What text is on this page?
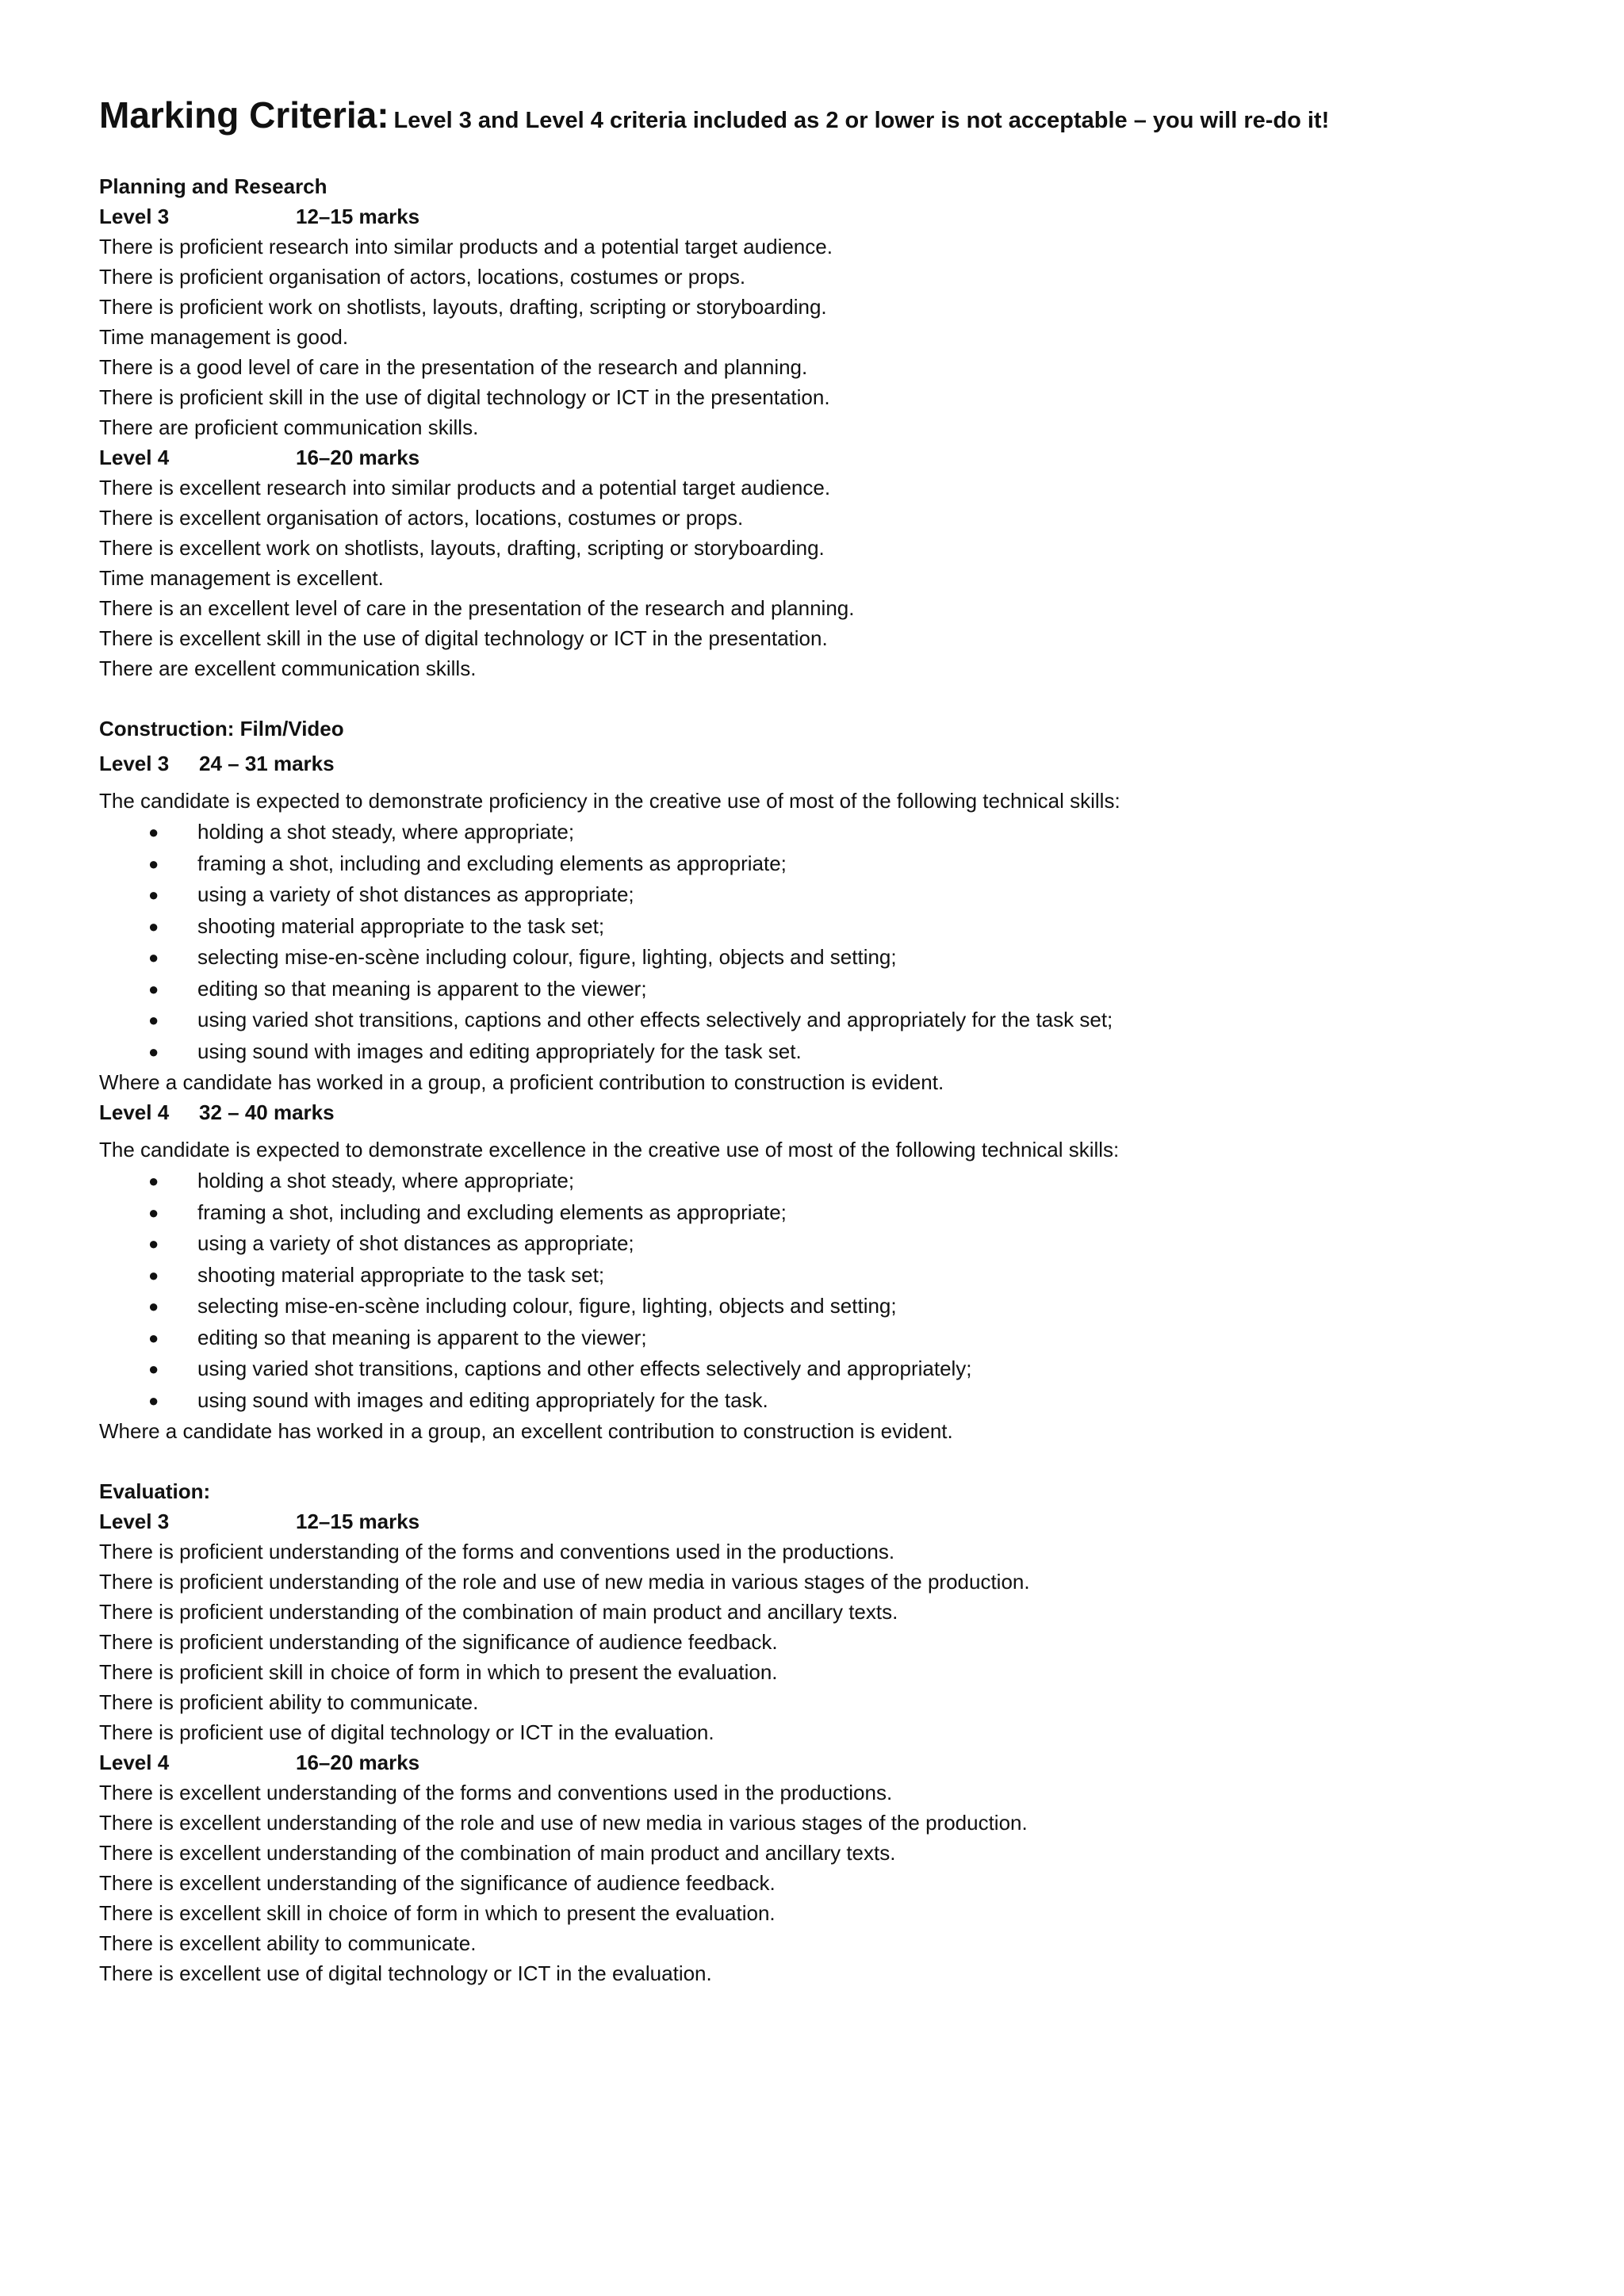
Marking Criteria: Level 3 and Level 4 criteria included as 2 or lower is not acceptable – you will re-do it!
Planning and Research
Level 3	12–15 marks
There is proficient research into similar products and a potential target audience.
There is proficient organisation of actors, locations, costumes or props.
There is proficient work on shotlists, layouts, drafting, scripting or storyboarding.
Time management is good.
There is a good level of care in the presentation of the research and planning.
There is proficient skill in the use of digital technology or ICT in the presentation.
There are proficient communication skills.
Level 4	16–20 marks
There is excellent research into similar products and a potential target audience.
There is excellent organisation of actors, locations, costumes or props.
There is excellent work on shotlists, layouts, drafting, scripting or storyboarding.
Time management is excellent.
There is an excellent level of care in the presentation of the research and planning.
There is excellent skill in the use of digital technology or ICT in the presentation.
There are excellent communication skills.
Construction: Film/Video
Level 3	24 – 31 marks
The candidate is expected to demonstrate proficiency in the creative use of most of the following technical skills:
● holding a shot steady, where appropriate;
● framing a shot, including and excluding elements as appropriate;
● using a variety of shot distances as appropriate;
● shooting material appropriate to the task set;
● selecting mise-en-scène including colour, figure, lighting, objects and setting;
● editing so that meaning is apparent to the viewer;
● using varied shot transitions, captions and other effects selectively and appropriately for the task set;
● using sound with images and editing appropriately for the task set.
Where a candidate has worked in a group, a proficient contribution to construction is evident.
Level 4	32 – 40 marks
The candidate is expected to demonstrate excellence in the creative use of most of the following technical skills:
● holding a shot steady, where appropriate;
● framing a shot, including and excluding elements as appropriate;
● using a variety of shot distances as appropriate;
● shooting material appropriate to the task set;
● selecting mise-en-scène including colour, figure, lighting, objects and setting;
● editing so that meaning is apparent to the viewer;
● using varied shot transitions, captions and other effects selectively and appropriately;
● using sound with images and editing appropriately for the task.
Where a candidate has worked in a group, an excellent contribution to construction is evident.
Evaluation:
Level 3	12–15 marks
There is proficient understanding of the forms and conventions used in the productions.
There is proficient understanding of the role and use of new media in various stages of the production.
There is proficient understanding of the combination of main product and ancillary texts.
There is proficient understanding of the significance of audience feedback.
There is proficient skill in choice of form in which to present the evaluation.
There is proficient ability to communicate.
There is proficient use of digital technology or ICT in the evaluation.
Level 4	16–20 marks
There is excellent understanding of the forms and conventions used in the productions.
There is excellent understanding of the role and use of new media in various stages of the production.
There is excellent understanding of the combination of main product and ancillary texts.
There is excellent understanding of the significance of audience feedback.
There is excellent skill in choice of form in which to present the evaluation.
There is excellent ability to communicate.
There is excellent use of digital technology or ICT in the evaluation.
